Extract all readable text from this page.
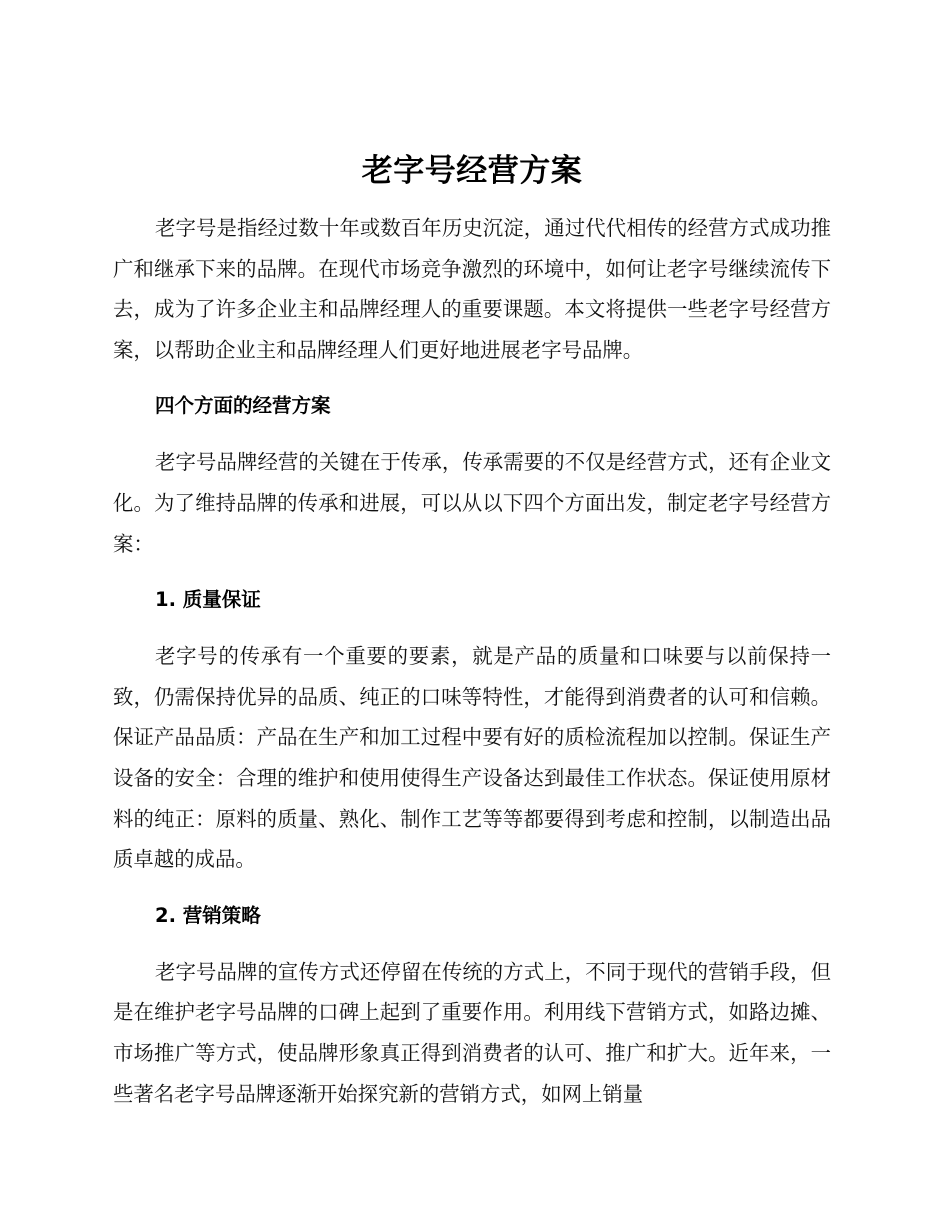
老字号经营方案

老字号是指经过数十年或数百年历史沉淀，通过代代相传的经营方式成功推广和继承下来的品牌。在现代市场竞争激烈的环境中，如何让老字号继续流传下去，成为了许多企业主和品牌经理人的重要课题。本文将提供一些老字号经营方案，以帮助企业主和品牌经理人们更好地进展老字号品牌。

四个方面的经营方案

老字号品牌经营的关键在于传承，传承需要的不仅是经营方式，还有企业文化。为了维持品牌的传承和进展，可以从以下四个方面出发，制定老字号经营方案：

1. 质量保证

老字号的传承有一个重要的要素，就是产品的质量和口味要与以前保持一致，仍需保持优异的品质、纯正的口味等特性，才能得到消费者的认可和信赖。保证产品品质：产品在生产和加工过程中要有好的质检流程加以控制。保证生产设备的安全：合理的维护和使用使得生产设备达到最佳工作状态。保证使用原材料的纯正：原料的质量、熟化、制作工艺等等都要得到考虑和控制，以制造出品质卓越的成品。

2. 营销策略

老字号品牌的宣传方式还停留在传统的方式上，不同于现代的营销手段，但是在维护老字号品牌的口碑上起到了重要作用。利用线下营销方式，如路边摊、市场推广等方式，使品牌形象真正得到消费者的认可、推广和扩大。近年来，一些著名老字号品牌逐渐开始探究新的营销方式，如网上销量
